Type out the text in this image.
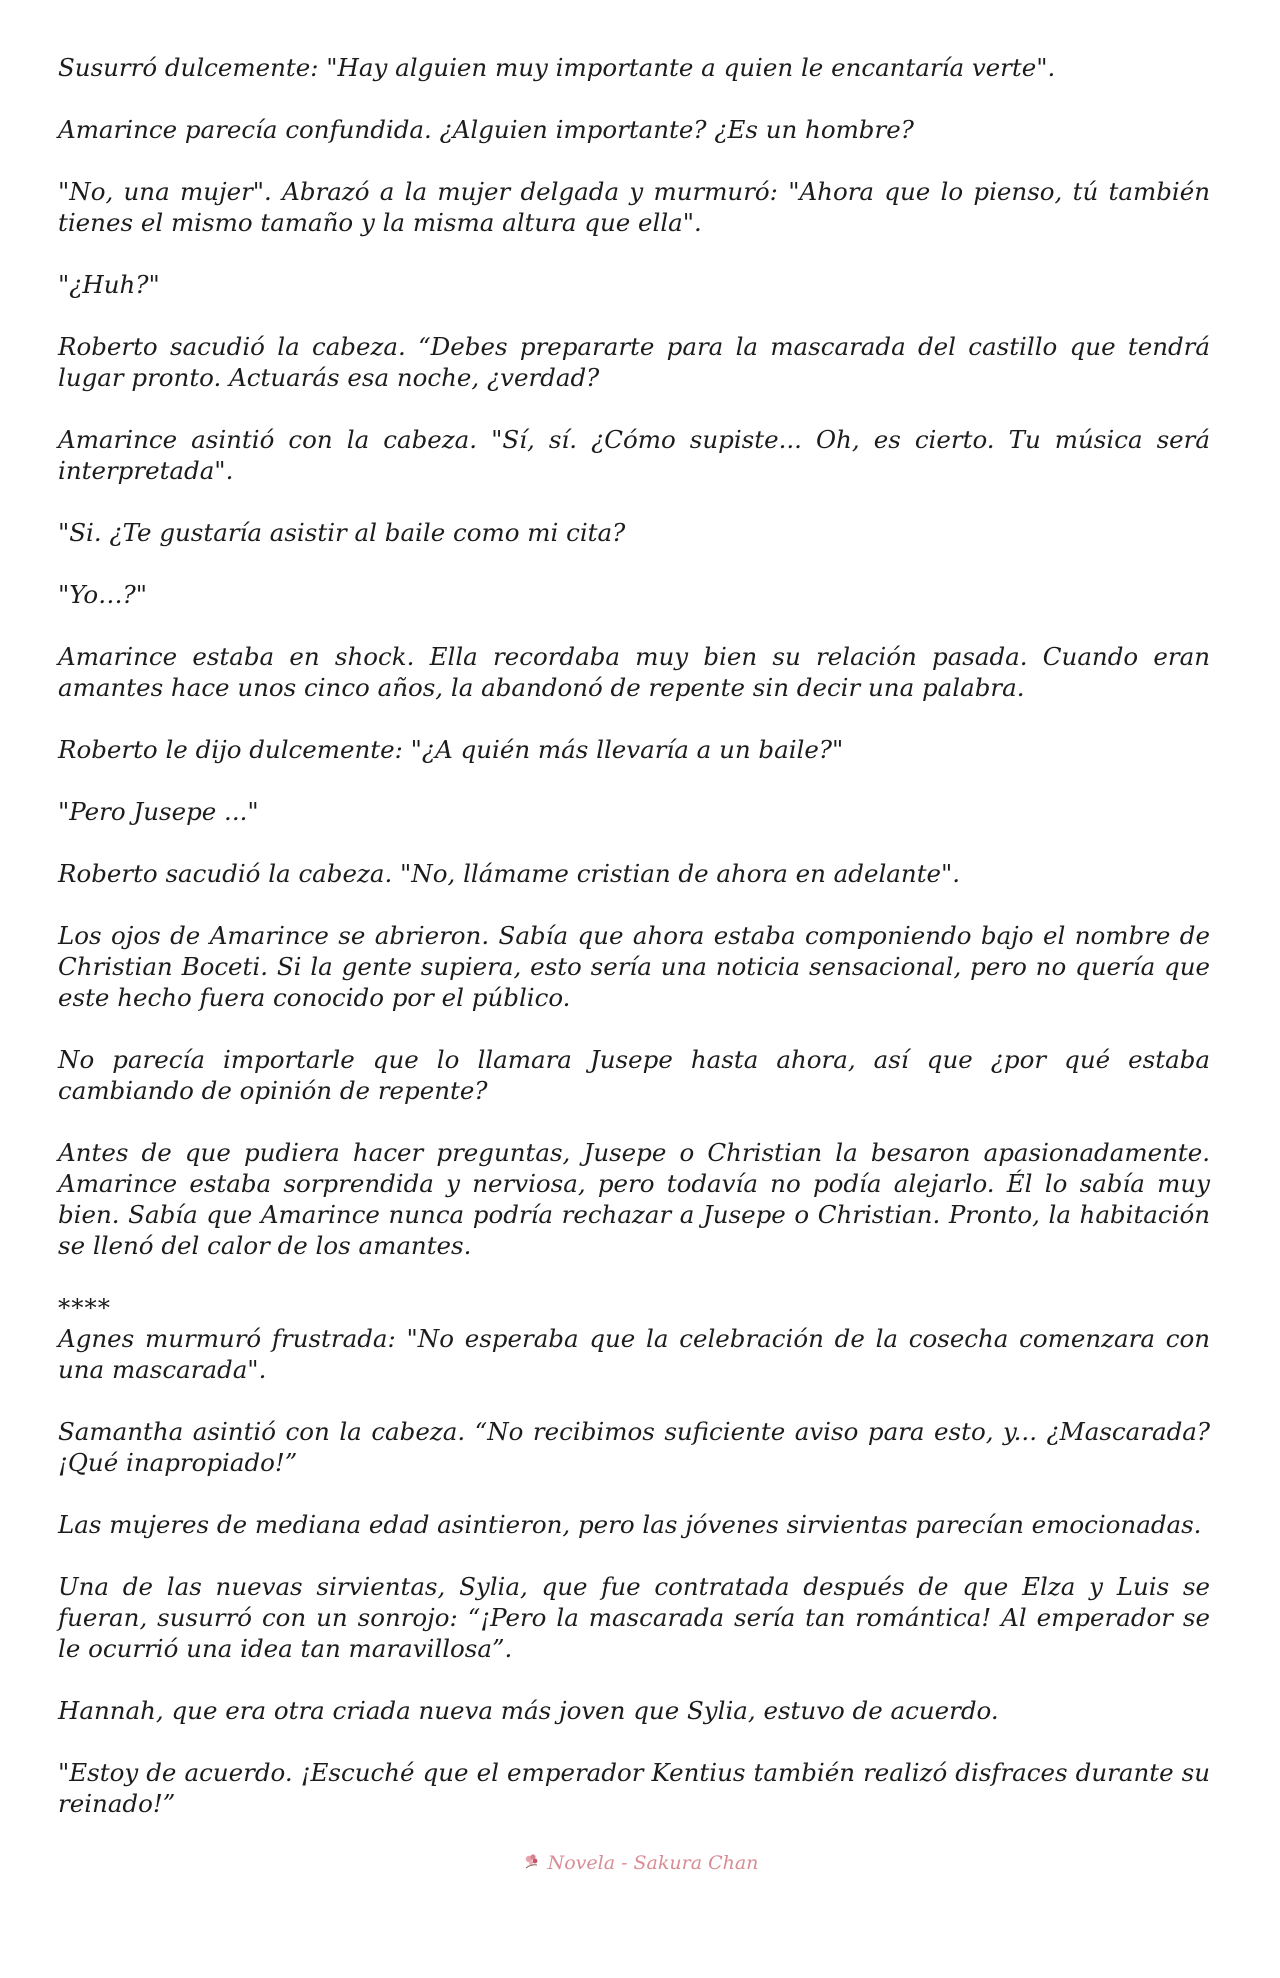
Susurró dulcemente: "Hay alguien muy importante a quien le encantaría verte".

Amarince parecía confundida. ¿Alguien importante? ¿Es un hombre?

"No, una mujer". Abrazó a la mujer delgada y murmuró: "Ahora que lo pienso, tú también tienes el mismo tamaño y la misma altura que ella".

"¿Huh?"

Roberto sacudió la cabeza. “Debes prepararte para la mascarada del castillo que tendrá lugar pronto. Actuarás esa noche, ¿verdad?

Amarince asintió con la cabeza. "Sí, sí. ¿Cómo supiste... Oh, es cierto. Tu música será interpretada".

"Si. ¿Te gustaría asistir al baile como mi cita?

"Yo…?"

Amarince estaba en shock. Ella recordaba muy bien su relación pasada. Cuando eran amantes hace unos cinco años, la abandonó de repente sin decir una palabra.

Roberto le dijo dulcemente: "¿A quién más llevaría a un baile?"

"Pero Jusepe ..."

Roberto sacudió la cabeza. "No, llámame cristian de ahora en adelante".

Los ojos de Amarince se abrieron. Sabía que ahora estaba componiendo bajo el nombre de Christian Boceti. Si la gente supiera, esto sería una noticia sensacional, pero no quería que este hecho fuera conocido por el público.

No parecía importarle que lo llamara Jusepe hasta ahora, así que ¿por qué estaba cambiando de opinión de repente?

Antes de que pudiera hacer preguntas, Jusepe o Christian la besaron apasionadamente. Amarince estaba sorprendida y nerviosa, pero todavía no podía alejarlo. Él lo sabía muy bien. Sabía que Amarince nunca podría rechazar a Jusepe o Christian. Pronto, la habitación se llenó del calor de los amantes.

****

Agnes murmuró frustrada: "No esperaba que la celebración de la cosecha comenzara con una mascarada".

Samantha asintió con la cabeza. “No recibimos suficiente aviso para esto, y... ¿Mascarada? ¡Qué inapropiado!”

Las mujeres de mediana edad asintieron, pero las jóvenes sirvientas parecían emocionadas.

Una de las nuevas sirvientas, Sylia, que fue contratada después de que Elza y Luis se fueran, susurró con un sonrojo: “¡Pero la mascarada sería tan romántica! Al emperador se le ocurrió una idea tan maravillosa”.

Hannah, que era otra criada nueva más joven que Sylia, estuvo de acuerdo.

"Estoy de acuerdo. ¡Escuché que el emperador Kentius también realizó disfraces durante su reinado!”

Novela - Sakura Chan
